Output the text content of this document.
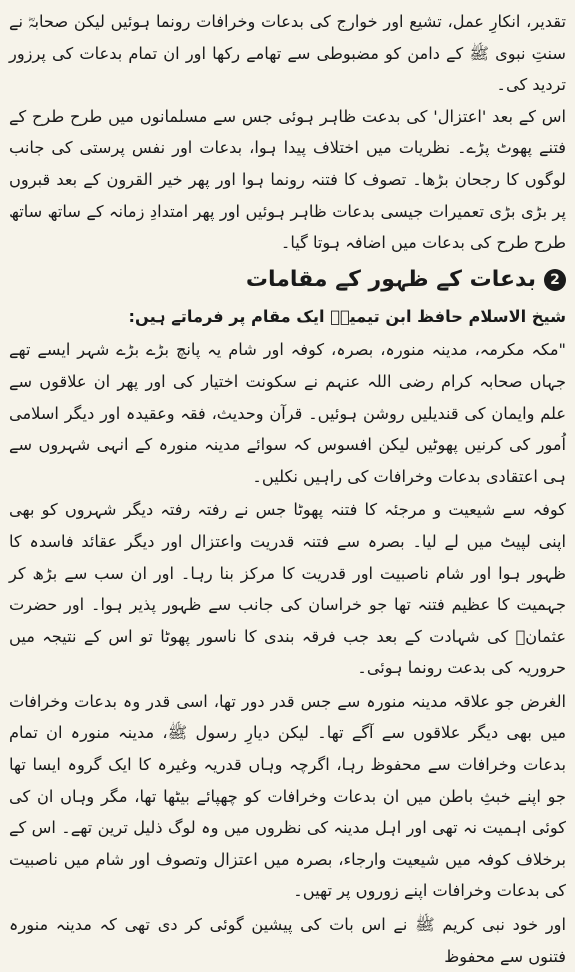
تقدیر، انکارِ عمل، تشیع اور خوارج کی بدعات وخرافات رونما ہوئیں لیکن صحابہؓ نے سنتِ نبوی ﷺ کے دامن کو مضبوطی سے تھامے رکھا اور ان تمام بدعات کی پرزور تردید کی۔

اس کے بعد 'اعتزال' کی بدعت ظاہر ہوئی جس سے مسلمانوں میں طرح طرح کے فتنے پھوٹ پڑے۔ نظریات میں اختلاف پیدا ہوا، بدعات اور نفس پرستی کی جانب لوگوں کا رجحان بڑھا۔ تصوف کا فتنہ رونما ہوا اور پھر خیر القرون کے بعد قبروں پر بڑی بڑی تعمیرات جیسی بدعات ظاہر ہوئیں اور پھر امتدادِ زمانہ کے ساتھ ساتھ طرح طرح کی بدعات میں اضافہ ہوتا گیا۔

2
بدعات کے ظہور کے مقامات

شیخ الاسلام حافظ ابن تیمیہؒ ایک مقام پر فرماتے ہیں:

"مکہ مکرمہ، مدینہ منورہ، بصرہ، کوفہ اور شام یہ پانچ بڑے بڑے شہر ایسے تھے جہاں صحابہ کرام رضی اللہ عنہم نے سکونت اختیار کی اور پھر ان علاقوں سے علم وایمان کی قندیلیں روشن ہوئیں۔ قرآن وحدیث، فقہ وعقیدہ اور دیگر اسلامی اُمور کی کرنیں پھوٹیں لیکن افسوس کہ سوائے مدینہ منورہ کے انہی شہروں سے ہی اعتقادی بدعات وخرافات کی راہیں نکلیں۔

کوفہ سے شیعیت و مرجئہ کا فتنہ پھوٹا جس نے رفتہ رفتہ دیگر شہروں کو بھی اپنی لپیٹ میں لے لیا۔ بصرہ سے فتنہ قدریت واعتزال اور دیگر عقائد فاسدہ کا ظہور ہوا اور شام ناصبیت اور قدریت کا مرکز بنا رہا۔ اور ان سب سے بڑھ کر جہمیت کا عظیم فتنہ تھا جو خراسان کی جانب سے ظہور پذیر ہوا۔ اور حضرت عثمانؓ کی شہادت کے بعد جب فرقہ بندی کا ناسور پھوٹا تو اس کے نتیجہ میں حروریہ کی بدعت رونما ہوئی۔

الغرض جو علاقہ مدینہ منورہ سے جس قدر دور تھا، اسی قدر وہ بدعات وخرافات میں بھی دیگر علاقوں سے آگے تھا۔ لیکن دیارِ رسول ﷺ، مدینہ منورہ ان تمام بدعات وخرافات سے محفوظ رہا، اگرچہ وہاں قدریہ وغیرہ کا ایک گروہ ایسا تھا جو اپنے خبثِ باطن میں ان بدعات وخرافات کو چھپائے بیٹھا تھا، مگر وہاں ان کی کوئی اہمیت نہ تھی اور اہل مدینہ کی نظروں میں وہ لوگ ذلیل ترین تھے۔ اس کے برخلاف کوفہ میں شیعیت وارجاء، بصرہ میں اعتزال وتصوف اور شام میں ناصبیت کی بدعات وخرافات اپنے زوروں پر تھیں۔

اور خود نبی کریم ﷺ نے اس بات کی پیشین گوئی کر دی تھی کہ مدینہ منورہ فتنوں سے محفوظ
